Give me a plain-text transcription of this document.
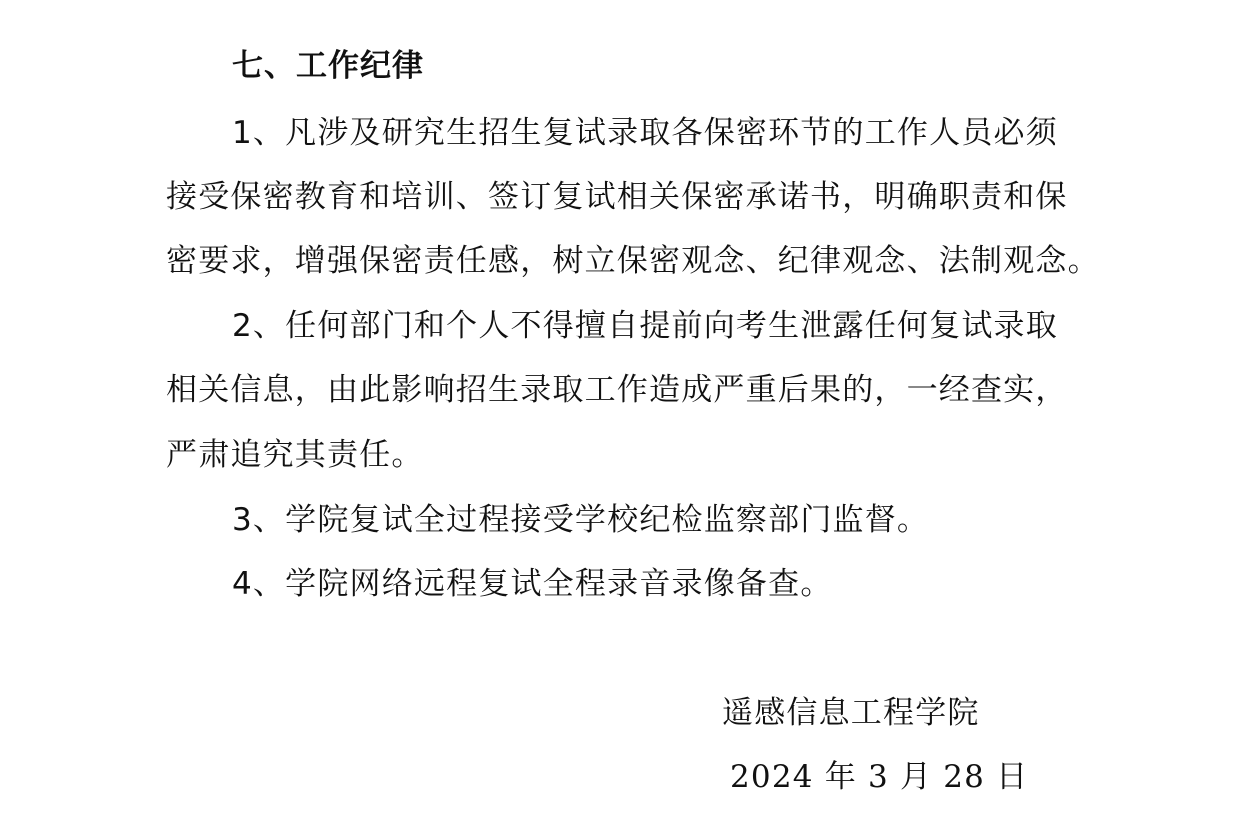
七、工作纪律
1、凡涉及研究生招生复试录取各保密环节的工作人员必须
接受保密教育和培训、签订复试相关保密承诺书，明确职责和保
密要求，增强保密责任感，树立保密观念、纪律观念、法制观念。
2、任何部门和个人不得擅自提前向考生泄露任何复试录取
相关信息，由此影响招生录取工作造成严重后果的，一经查实，
严肃追究其责任。
3、学院复试全过程接受学校纪检监察部门监督。
4、学院网络远程复试全程录音录像备查。
遥感信息工程学院
2024 年 3 月 28 日
